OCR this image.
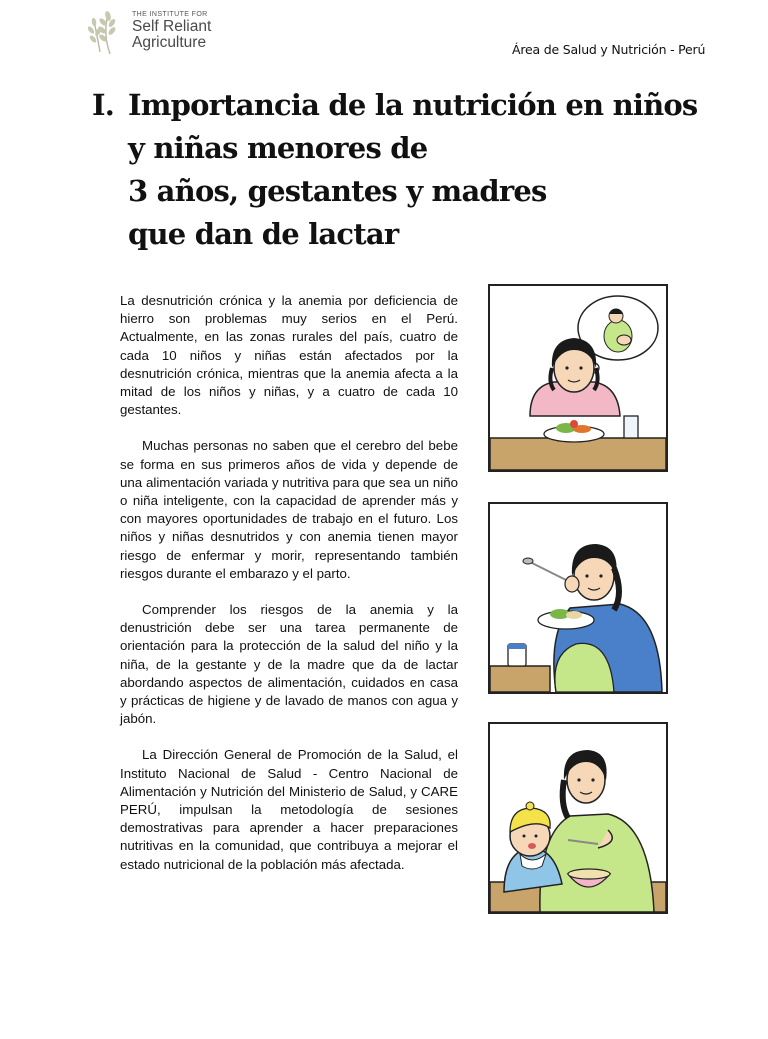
THE INSTITUTE FOR
Self Reliant
Agriculture	Área de Salud y Nutrición - Perú
I. Importancia de la nutrición en niños
y niñas menores de
3 años, gestantes y madres
que dan de lactar

La desnutrición crónica y la anemia por deficiencia de hierro son problemas muy serios en el Perú. Actualmente, en las zonas rurales del país, cuatro de cada 10 niños y niñas están afectados por la desnutrición crónica, mientras que la anemia afecta a la mitad de los niños y niñas, y a cuatro de cada 10 gestantes.

Muchas personas no saben que el cerebro del bebe se forma en sus primeros años de vida y depende de una alimentación variada y nutritiva para que sea un niño o niña inteligente, con la capacidad de aprender más y con mayores oportunidades de trabajo en el futuro. Los niños y niñas desnutridos y con anemia tienen mayor riesgo de enfermar y morir, representando también riesgos durante el embarazo y el parto.

Comprender los riesgos de la anemia y la denustrición debe ser una tarea permanente de orientación para la protección de la salud del niño y la niña, de la gestante y de la madre que da de lactar abordando aspectos de alimentación, cuidados en casa y prácticas de higiene y de lavado de manos con agua y jabón.

La Dirección General de Promoción de la Salud, el Instituto Nacional de Salud - Centro Nacional de Alimentación y Nutrición del Ministerio de Salud, y CARE PERÚ, impulsan la metodología de sesiones demostrativas para aprender a hacer preparaciones nutritivas en la comunidad, que contribuya a mejorar el estado nutricional de la población más afectada.
